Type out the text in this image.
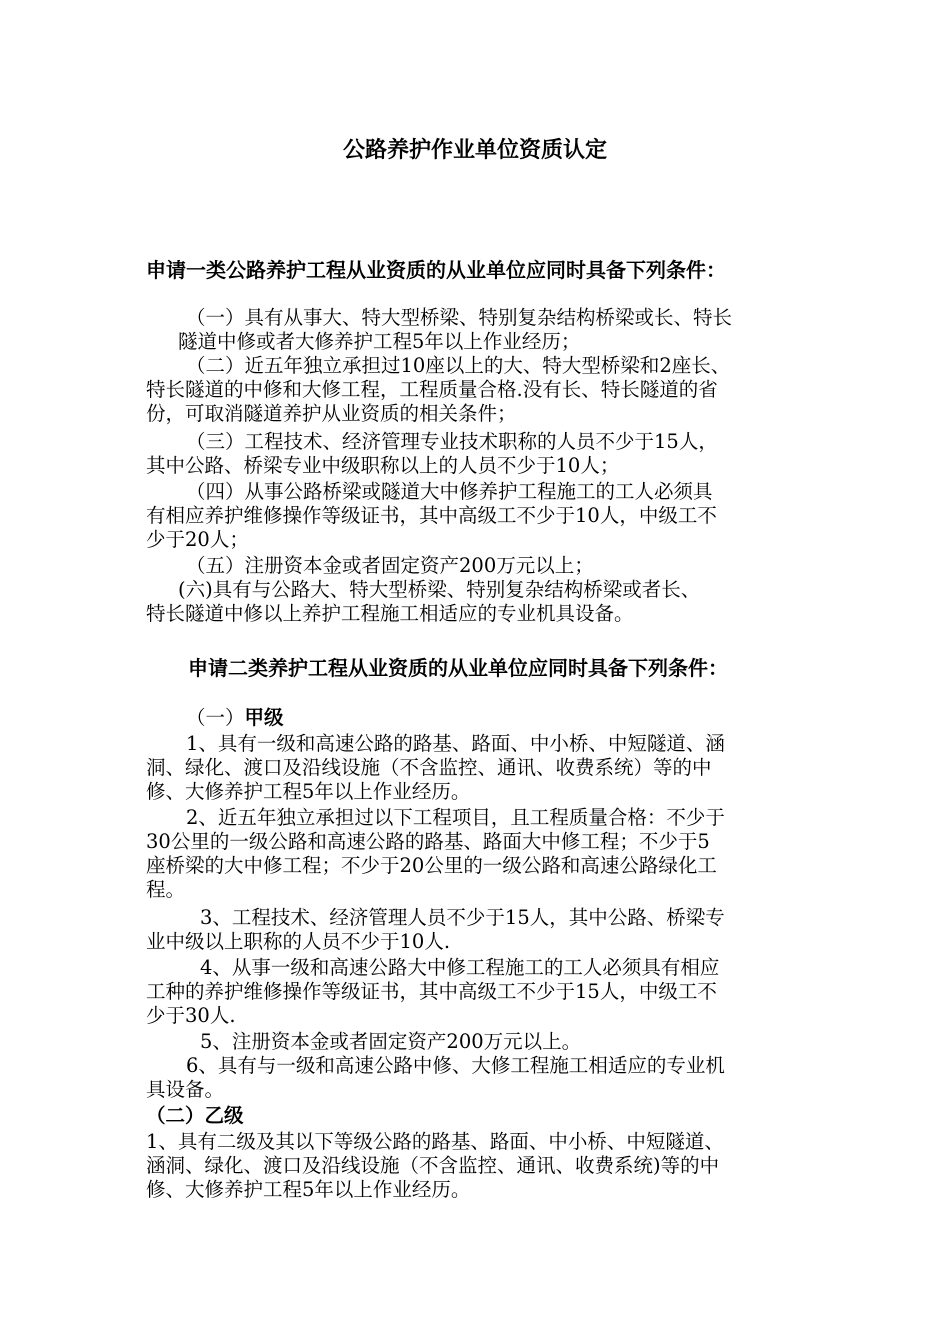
公路养护作业单位资质认定
申请一类公路养护工程从业资质的从业单位应同时具备下列条件：
（一）具有从事大、特大型桥梁、特别复杂结构桥梁或长、特长
隧道中修或者大修养护工程5年以上作业经历；
（二）近五年独立承担过10座以上的大、特大型桥梁和2座长、
特长隧道的中修和大修工程，工程质量合格.没有长、特长隧道的省
份，可取消隧道养护从业资质的相关条件；
（三）工程技术、经济管理专业技术职称的人员不少于15人，
其中公路、桥梁专业中级职称以上的人员不少于10人；
（四）从事公路桥梁或隧道大中修养护工程施工的工人必须具
有相应养护维修操作等级证书，其中高级工不少于10人，中级工不
少于20人；
（五）注册资本金或者固定资产200万元以上；
(六)具有与公路大、特大型桥梁、特别复杂结构桥梁或者长、
特长隧道中修以上养护工程施工相适应的专业机具设备。
申请二类养护工程从业资质的从业单位应同时具备下列条件：
（一）甲级
1、具有一级和高速公路的路基、路面、中小桥、中短隧道、涵
洞、绿化、渡口及沿线设施（不含监控、通讯、收费系统）等的中
修、大修养护工程5年以上作业经历。
2、近五年独立承担过以下工程项目，且工程质量合格：不少于
30公里的一级公路和高速公路的路基、路面大中修工程；不少于5
座桥梁的大中修工程；不少于20公里的一级公路和高速公路绿化工
程。
3、工程技术、经济管理人员不少于15人，其中公路、桥梁专
业中级以上职称的人员不少于10人.
4、从事一级和高速公路大中修工程施工的工人必须具有相应
工种的养护维修操作等级证书，其中高级工不少于15人，中级工不
少于30人.
5、注册资本金或者固定资产200万元以上。
6、具有与一级和高速公路中修、大修工程施工相适应的专业机
具设备。
（二）乙级
1、具有二级及其以下等级公路的路基、路面、中小桥、中短隧道、
涵洞、绿化、渡口及沿线设施（不含监控、通讯、收费系统)等的中
修、大修养护工程5年以上作业经历。
